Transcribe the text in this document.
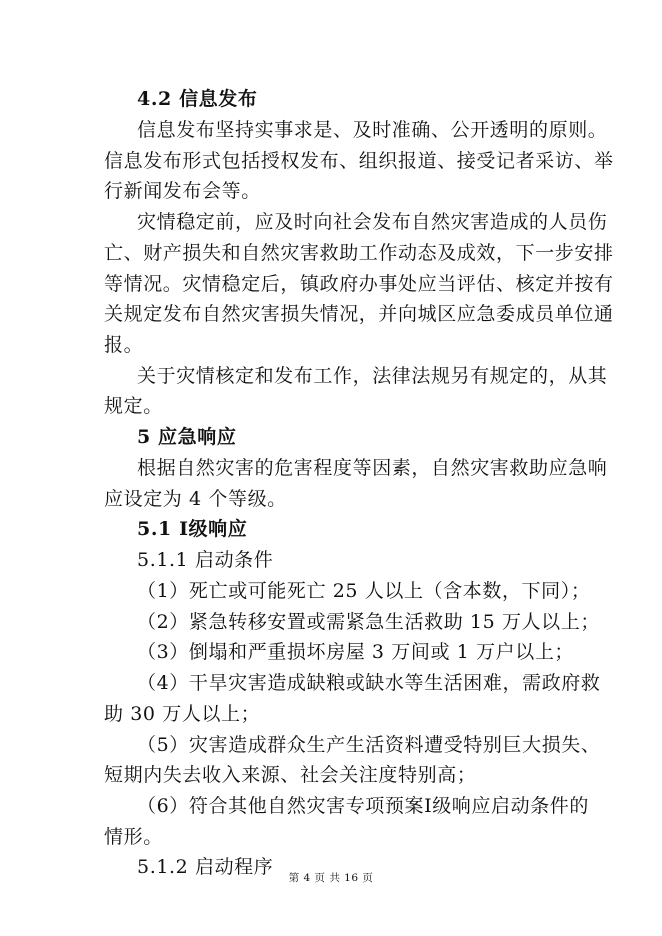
4.2 信息发布
信息发布坚持实事求是、及时准确、公开透明的原则。
信息发布形式包括授权发布、组织报道、接受记者采访、举
行新闻发布会等。
灾情稳定前，应及时向社会发布自然灾害造成的人员伤
亡、财产损失和自然灾害救助工作动态及成效，下一步安排
等情况。灾情稳定后，镇政府办事处应当评估、核定并按有
关规定发布自然灾害损失情况，并向城区应急委成员单位通
报。
关于灾情核定和发布工作，法律法规另有规定的，从其
规定。
5 应急响应
根据自然灾害的危害程度等因素，自然灾害救助应急响
应设定为 4 个等级。
5.1 Ⅰ级响应
5.1.1 启动条件
（1）死亡或可能死亡 25 人以上（含本数，下同）；
（2）紧急转移安置或需紧急生活救助 15 万人以上；
（3）倒塌和严重损坏房屋 3 万间或 1 万户以上；
（4）干旱灾害造成缺粮或缺水等生活困难，需政府救
助 30 万人以上；
（5）灾害造成群众生产生活资料遭受特别巨大损失、
短期内失去收入来源、社会关注度特别高；
（6）符合其他自然灾害专项预案Ⅰ级响应启动条件的
情形。
5.1.2 启动程序	第 4 页 共 16 页
